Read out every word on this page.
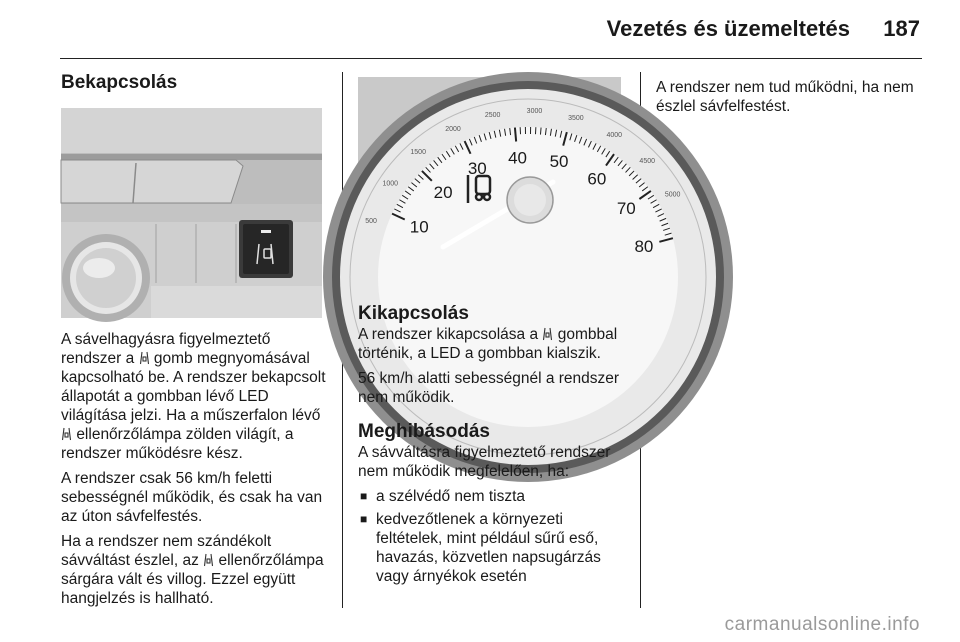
Vezetés és üzemeltetés 187
Bekapcsolás

A sávelhagyásra figyelmeztető rendszer a gomb megnyomásával kapcsolható be. A rendszer bekapcsolt állapotát a gombban lévő LED világítása jelzi. Ha a műszerfalon lévő  ellenőrzőlámpa zölden világít, a rendszer működésre kész.

A rendszer csak 56 km/h feletti sebességnél működik, és csak ha van az úton sávfelfestés.

Ha a rendszer nem szándékolt sávváltást észlel, az ellenőrzőlámpa sárgára vált és villog. Ezzel együtt hangjelzés is hallható.

10
20
30
40 50
60
70
80
500
1000
1500
2000
2500
3000
3500
4000
4500
5000
Kikapcsolás

A rendszer kikapcsolása a gombbal történik, a LED a gombban kialszik.

56 km/h alatti sebességnél a rendszer nem működik.

Meghibásodás

A sávváltásra figyelmeztető rendszer nem működik megfelelően, ha:

■ a szélvédő nem tiszta
■ kedvezőtlenek a környezeti feltételek, mint például sűrű eső, havazás, közvetlen napsugárzás vagy árnyékok esetén

A rendszer nem tud működni, ha nem észlel sávfelfestést.

carmanualsonline.info
